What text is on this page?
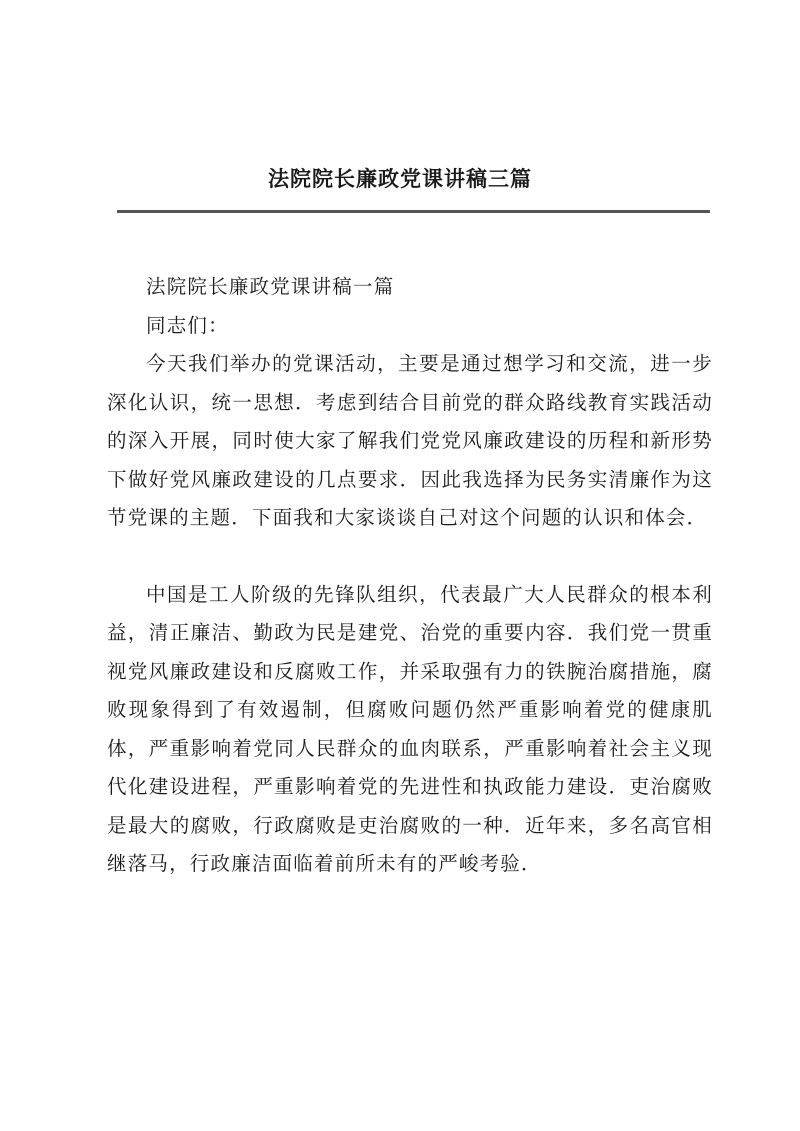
法院院长廉政党课讲稿三篇

法院院长廉政党课讲稿一篇

同志们：

今天我们举办的党课活动，主要是通过想学习和交流，进一步深化认识，统一思想．考虑到结合目前党的群众路线教育实践活动的深入开展，同时使大家了解我们党党风廉政建设的历程和新形势下做好党风廉政建设的几点要求．因此我选择为民务实清廉作为这节党课的主题．下面我和大家谈谈自己对这个问题的认识和体会．

中国是工人阶级的先锋队组织，代表最广大人民群众的根本利益，清正廉洁、勤政为民是建党、治党的重要内容．我们党一贯重视党风廉政建设和反腐败工作，并采取强有力的铁腕治腐措施，腐败现象得到了有效遏制，但腐败问题仍然严重影响着党的健康肌体，严重影响着党同人民群众的血肉联系，严重影响着社会主义现代化建设进程，严重影响着党的先进性和执政能力建设．吏治腐败是最大的腐败，行政腐败是吏治腐败的一种．近年来，多名高官相继落马，行政廉洁面临着前所未有的严峻考验．
